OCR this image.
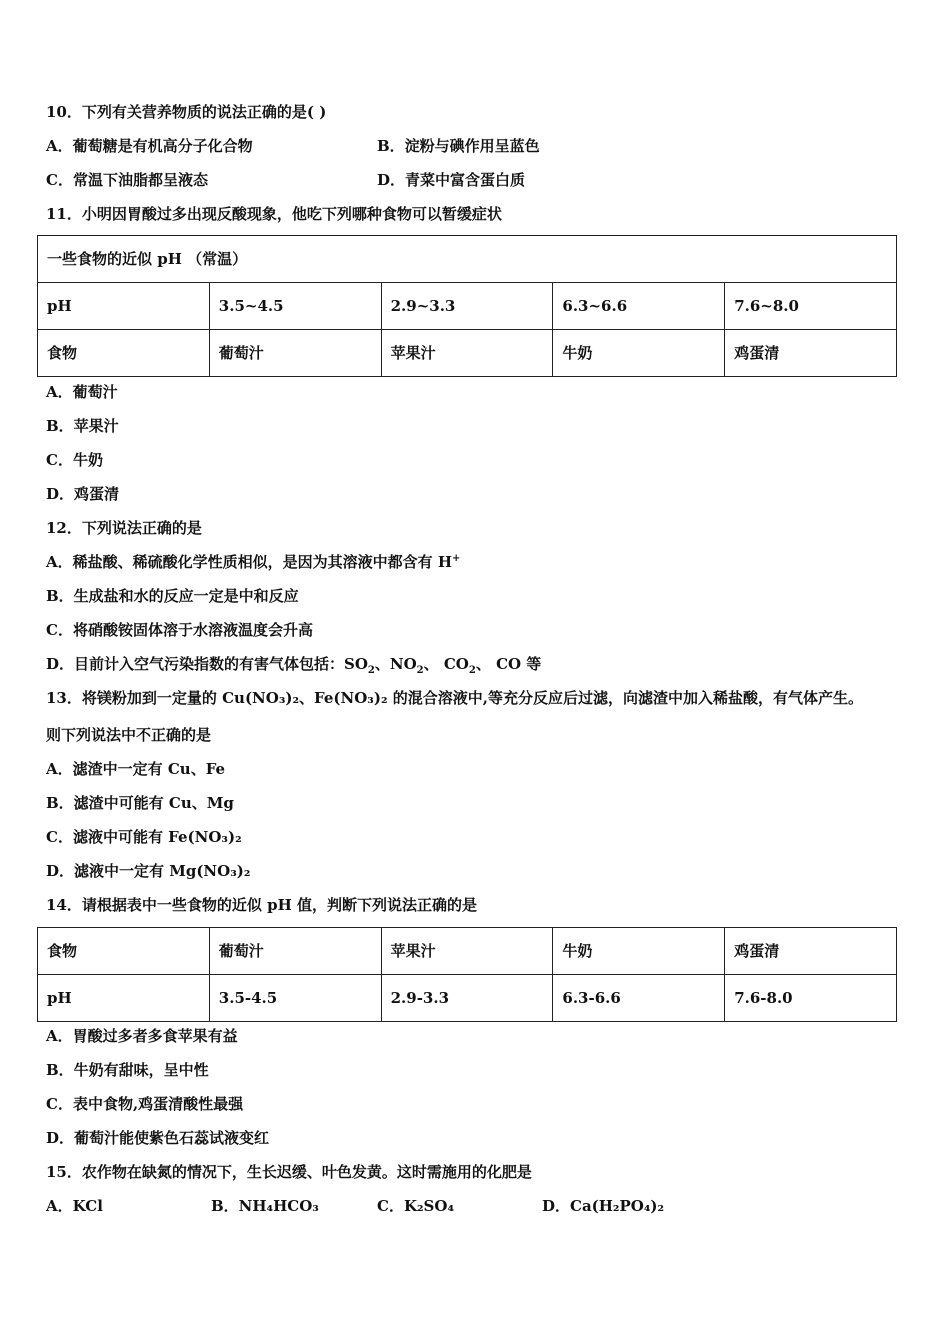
10．下列有关营养物质的说法正确的是( )
A．葡萄糖是有机高分子化合物	B．淀粉与碘作用呈蓝色
C．常温下油脂都呈液态	D．青菜中富含蛋白质
11．小明因胃酸过多出现反酸现象，他吃下列哪种食物可以暂缓症状
一些食物的近似 pH （常温）				
pH	3.5~4.5	2.9~3.3	6.3~6.6	7.6~8.0
食物	葡萄汁	苹果汁	牛奶	鸡蛋清
A．葡萄汁
B．苹果汁
C．牛奶
D．鸡蛋清
12．下列说法正确的是
A．稀盐酸、稀硫酸化学性质相似，是因为其溶液中都含有 H+
B．生成盐和水的反应一定是中和反应
C．将硝酸铵固体溶于水溶液温度会升高
D．目前计入空气污染指数的有害气体包括：$SO_2$、$NO_2$、 $CO_2$、 CO 等
13．将镁粉加到一定量的 Cu(NO₃)₂、Fe(NO₃)₂ 的混合溶液中,等充分反应后过滤，向滤渣中加入稀盐酸，有气体产生。
则下列说法中不正确的是
A．滤渣中一定有 Cu、Fe
B．滤渣中可能有 Cu、Mg
C．滤液中可能有 Fe(NO₃)₂
D．滤液中一定有 Mg(NO₃)₂
14．请根据表中一些食物的近似 pH 值，判断下列说法正确的是
食物	葡萄汁	苹果汁	牛奶	鸡蛋清
pH	3.5-4.5	2.9-3.3	6.3-6.6	7.6-8.0
A．胃酸过多者多食苹果有益
B．牛奶有甜味，呈中性
C．表中食物,鸡蛋清酸性最强
D．葡萄汁能使紫色石蕊试液变红
15．农作物在缺氮的情况下，生长迟缓、叶色发黄。这时需施用的化肥是
A．KCl	B．NH₄HCO₃	C．K₂SO₄	D．Ca(H₂PO₄)₂
